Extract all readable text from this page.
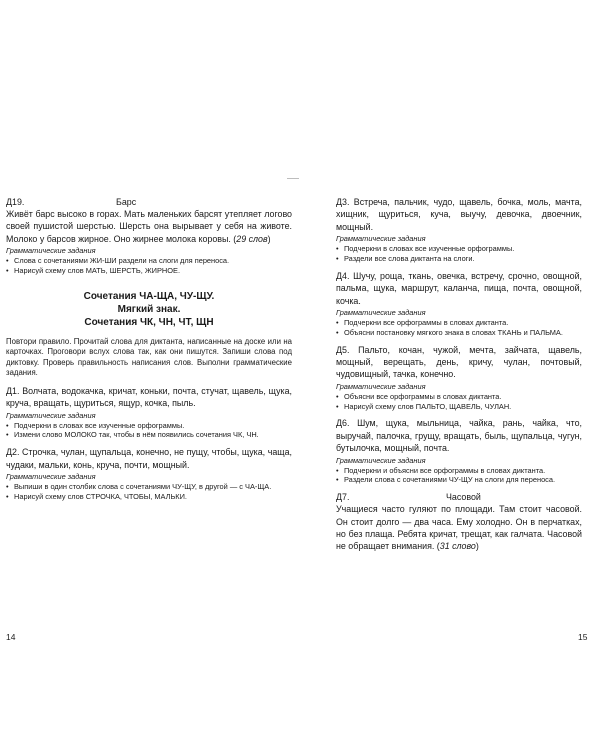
Д19.	Барс

Живёт барс высоко в горах. Мать маленьких барсят утепляет логово своей пушистой шерстью. Шерсть она вырывает у себя на животе. Молоко у барсов жирное. Оно жирнее молока коровы. (29 слов)

Грамматические задания

• Слова с сочетаниями ЖИ-ШИ раздели на слоги для переноса.
• Нарисуй схему слов МАТЬ, ШЕРСТЬ, ЖИРНОЕ.
Сочетания ЧА-ЩА, ЧУ-ЩУ.
Мягкий знак.
Сочетания ЧК, ЧН, ЧТ, ЩН

Повтори правило. Прочитай слова для диктанта, написанные на доске или на карточках. Проговори вслух слова так, как они пишутся. Запиши слова под диктовку. Проверь правильность написания слов. Выполни грамматические задания.

Д1. Волчата, водокачка, кричат, коньки, почта, стучат, щавель, щука, круча, вращать, щуриться, ящур, кочка, пыль.

Грамматические задания

• Подчеркни в словах все изученные орфограммы.
• Измени слово МОЛОКО так, чтобы в нём появились сочетания ЧК, ЧН.

Д2. Строчка, чулан, щупальца, конечно, не пущу, чтобы, щука, чаща, чудаки, мальки, конь, круча, почти, мощный.

Грамматические задания

• Выпиши в один столбик слова с сочетаниями ЧУ-ЩУ, в другой — с ЧА-ЩА.
• Нарисуй схему слов СТРОЧКА, ЧТОБЫ, МАЛЬКИ.
14

Д3. Встреча, пальчик, чудо, щавель, бочка, моль, мачта, хищник, щуриться, куча, выучу, девочка, двоечник, мощный.

Грамматические задания

• Подчеркни в словах все изученные орфограммы.
• Раздели все слова диктанта на слоги.

Д4. Шучу, роща, ткань, овечка, встречу, срочно, овощной, пальма, щука, маршрут, каланча, пища, почта, овощной, кочка.

Грамматические задания

• Подчеркни все орфограммы в словах диктанта.
• Объясни постановку мягкого знака в словах ТКАНЬ и ПАЛЬМА.

Д5. Пальто, кочан, чужой, мечта, зайчата, щавель, мощный, верещать, день, кричу, чулан, почтовый, чудовищный, тачка, конечно.

Грамматические задания

• Объясни все орфограммы в словах диктанта.
• Нарисуй схему слов ПАЛЬТО, ЩАВЕЛЬ, ЧУЛАН.

Д6. Шум, щука, мыльница, чайка, рань, чайка, что, выручай, палочка, грущу, вращать, быль, щупальца, чугун, бутылочка, мощный, почта.

Грамматические задания

• Подчеркни и объясни все орфограммы в словах диктанта.
• Раздели слова с сочетаниями ЧУ-ЩУ на слоги для переноса.
Д7.	Часовой

Учащиеся часто гуляют по площади. Там стоит часовой. Он стоит долго — два часа. Ему холодно. Он в перчатках, но без плаща. Ребята кричат, трещат, как галчата. Часовой не обращает внимания. (31 слово)

15
